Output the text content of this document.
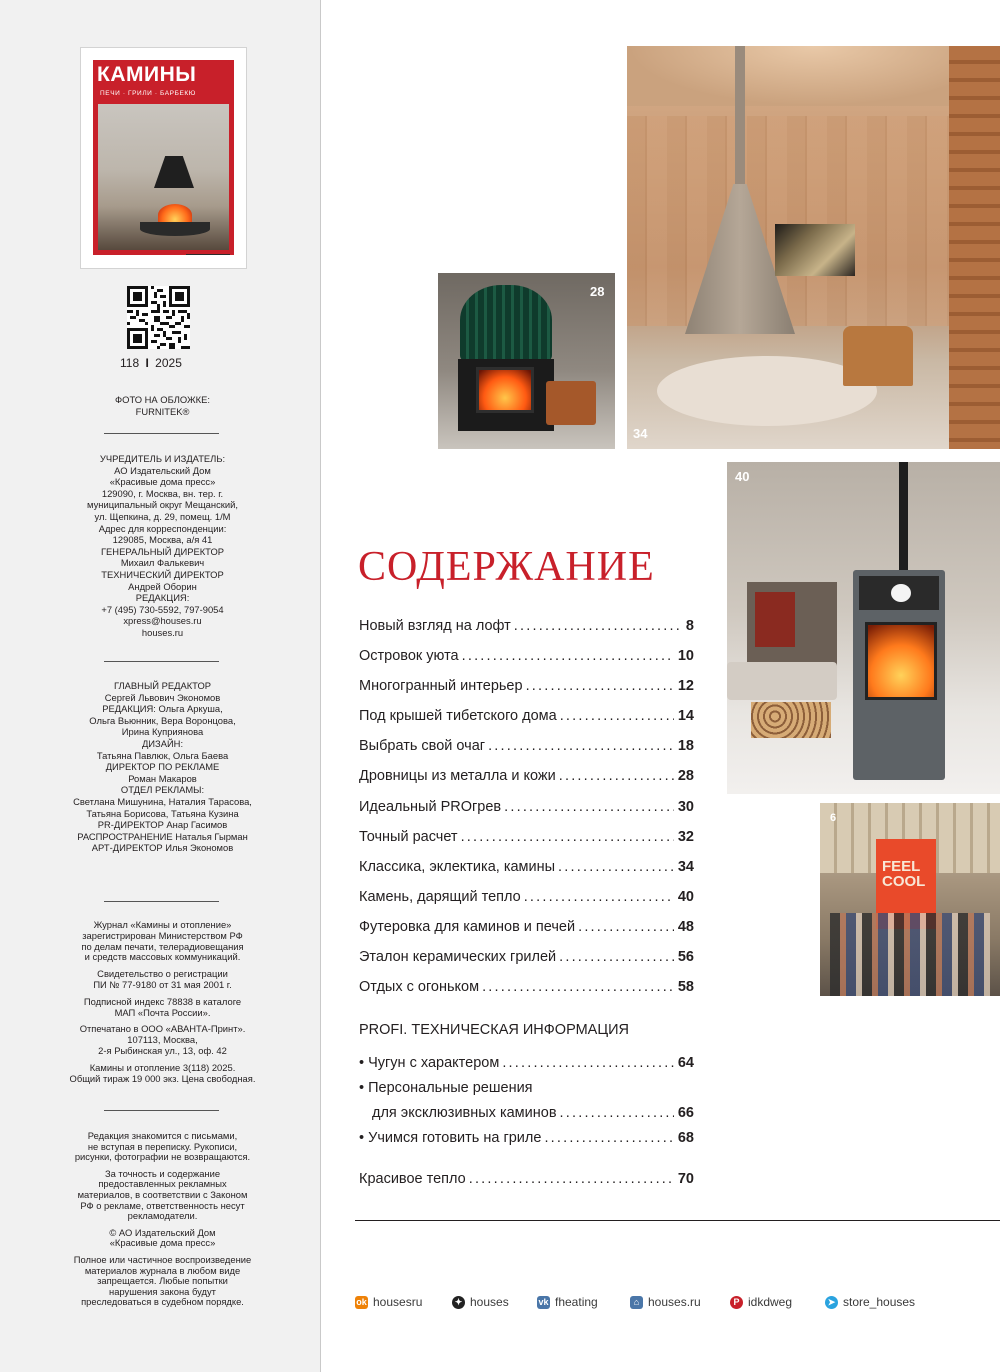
КАМИНЫ
ПЕЧИ · ГРИЛИ · БАРБЕКЮ
118 I 2025
ФОТО НА ОБЛОЖКЕ:
FURNITEK®
УЧРЕДИТЕЛЬ И ИЗДАТЕЛЬ:
АО Издательский Дом
«Красивые дома пресс»
129090, г. Москва, вн. тер. г.
муниципальный округ Мещанский,
ул. Щепкина, д. 29, помещ. 1/М
Адрес для корреспонденции:
129085, Москва, а/я 41
ГЕНЕРАЛЬНЫЙ ДИРЕКТОР
Михаил Фалькевич
ТЕХНИЧЕСКИЙ ДИРЕКТОР
Андрей Оборин
РЕДАКЦИЯ:
+7 (495) 730-5592, 797-9054
xpress@houses.ru
houses.ru
ГЛАВНЫЙ РЕДАКТОР
Сергей Львович Экономов
РЕДАКЦИЯ: Ольга Аркуша,
Ольга Вьюнник, Вера Воронцова,
Ирина Куприянова
ДИЗАЙН:
Татьяна Павлюк, Ольга Баева
ДИРЕКТОР ПО РЕКЛАМЕ
Роман Макаров
ОТДЕЛ РЕКЛАМЫ:
Светлана Мишунина, Наталия Тарасова,
Татьяна Борисова, Татьяна Кузина
PR-ДИРЕКТОР Анар Гасимов
РАСПРОСТРАНЕНИЕ Наталья Гырман
АРТ-ДИРЕКТОР Илья Экономов
Журнал «Камины и отопление»
зарегистрирован Министерством РФ
по делам печати, телерадиовещания
и средств массовых коммуникаций.
Свидетельство о регистрации
ПИ № 77-9180 от 31 мая 2001 г.
Подписной индекс 78838 в каталоге
МАП «Почта России».
Отпечатано в ООО «АВАНТА-Принт».
107113, Москва,
2-я Рыбинская ул., 13, оф. 42
Камины и отопление 3(118) 2025.
Общий тираж 19 000 экз. Цена свободная.
Редакция знакомится с письмами,
не вступая в переписку. Рукописи,
рисунки, фотографии не возвращаются.
За точность и содержание
предоставленных рекламных
материалов, в соответствии с Законом
РФ о рекламе, ответственность несут
рекламодатели.
© АО Издательский Дом
«Красивые дома пресс»
Полное или частичное воспроизведение
материалов журнала в любом виде
запрещается. Любые попытки
нарушения закона будут
преследоваться в судебном порядке.
34
28
40
FEEL COOL
6
СОДЕРЖАНИЕ
Новый взгляд на лофт .....	8
Островок уюта .....	10
Многогранный интерьер .....	12
Под крышей тибетского дома .....	14
Выбрать свой очаг .....	18
Дровницы из металла и кожи .....	28
Идеальный PROгрев .....	30
Точный расчет .....	32
Классика, эклектика, камины .....	34
Камень, дарящий тепло .....	40
Футеровка для каминов и печей .....	48
Эталон керамических грилей .....	56
Отдых с огоньком .....	58
PROFI. ТЕХНИЧЕСКАЯ ИНФОРМАЦИЯ
• Чугун с характером .....	64
• Персональные решения
для эксклюзивных каминов .....	66
• Учимся готовить на гриле .....	68
Красивое тепло .....	70
ok housesru	✦ houses	vk fheating	⌂ houses.ru	P idkdweg	➤ store_houses
